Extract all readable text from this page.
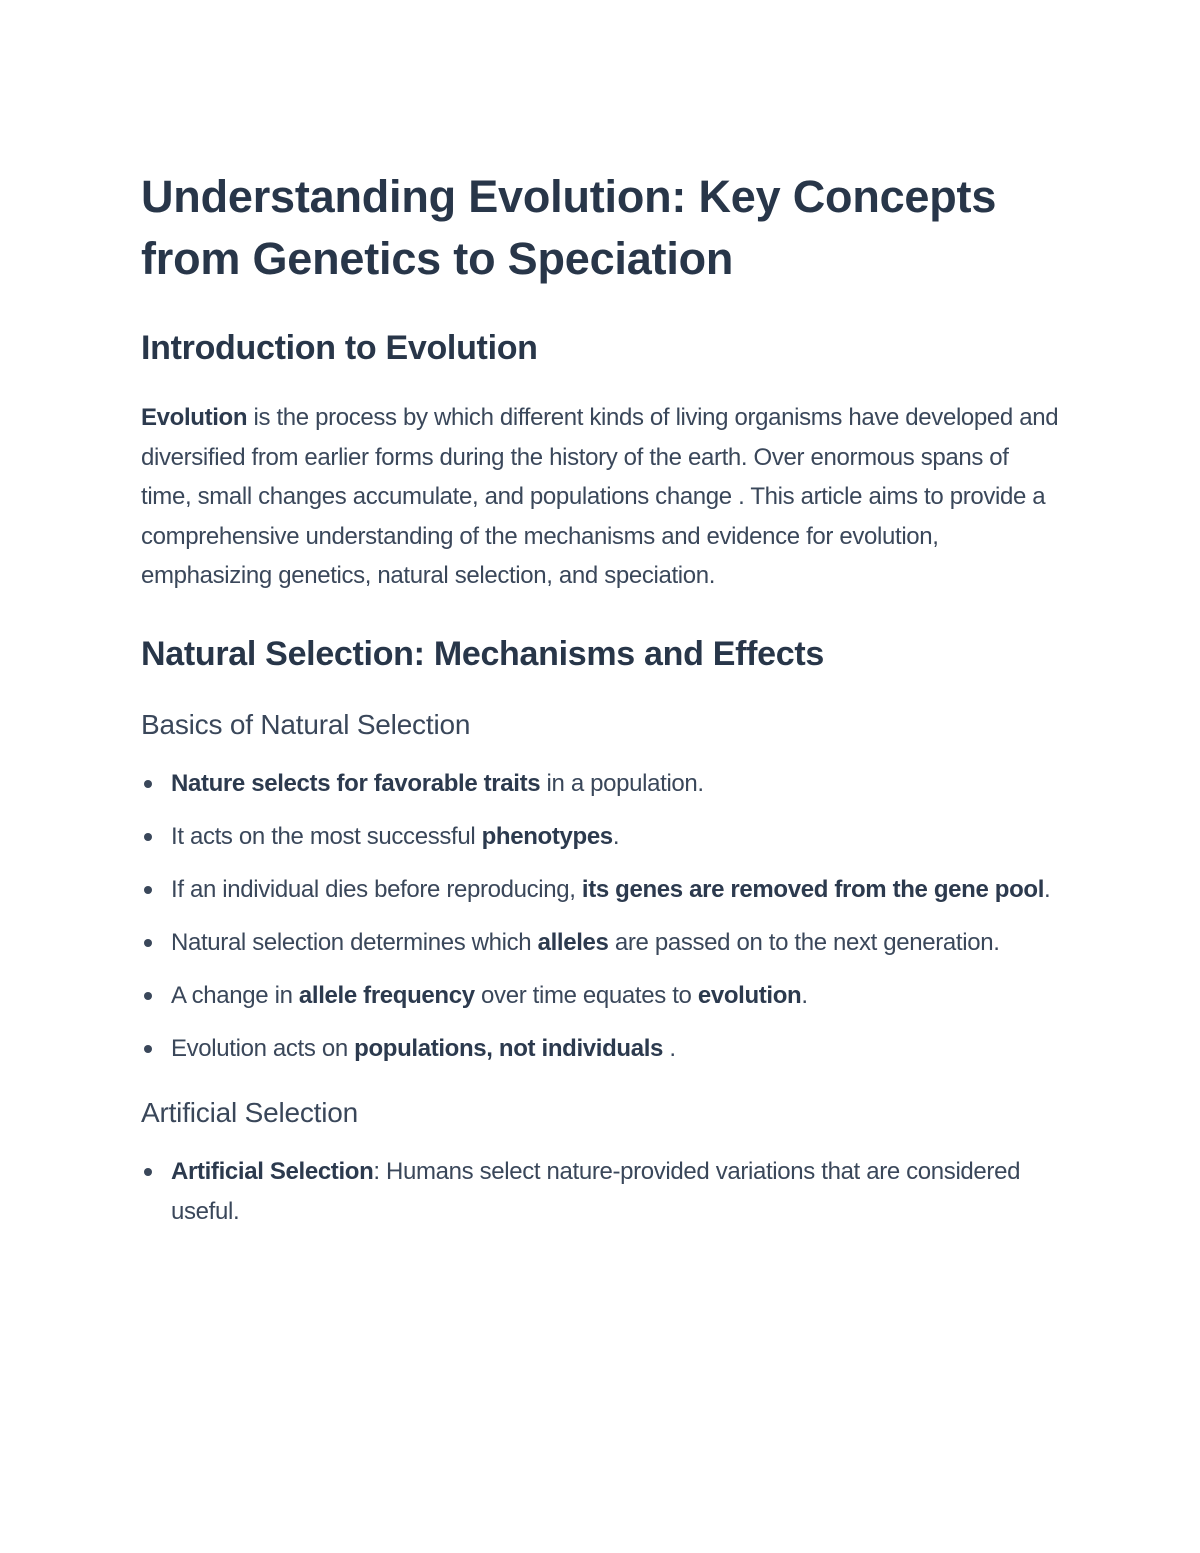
Understanding Evolution: Key Concepts from Genetics to Speciation
Introduction to Evolution

Evolution is the process by which different kinds of living organisms have developed and diversified from earlier forms during the history of the earth. Over enormous spans of time, small changes accumulate, and populations change . This article aims to provide a comprehensive understanding of the mechanisms and evidence for evolution, emphasizing genetics, natural selection, and speciation.

Natural Selection: Mechanisms and Effects
Basics of Natural Selection
Nature selects for favorable traits in a population.
It acts on the most successful phenotypes.
If an individual dies before reproducing, its genes are removed from the gene pool.
Natural selection determines which alleles are passed on to the next generation.
A change in allele frequency over time equates to evolution.
Evolution acts on populations, not individuals .
Artificial Selection
Artificial Selection: Humans select nature-provided variations that are considered useful.
